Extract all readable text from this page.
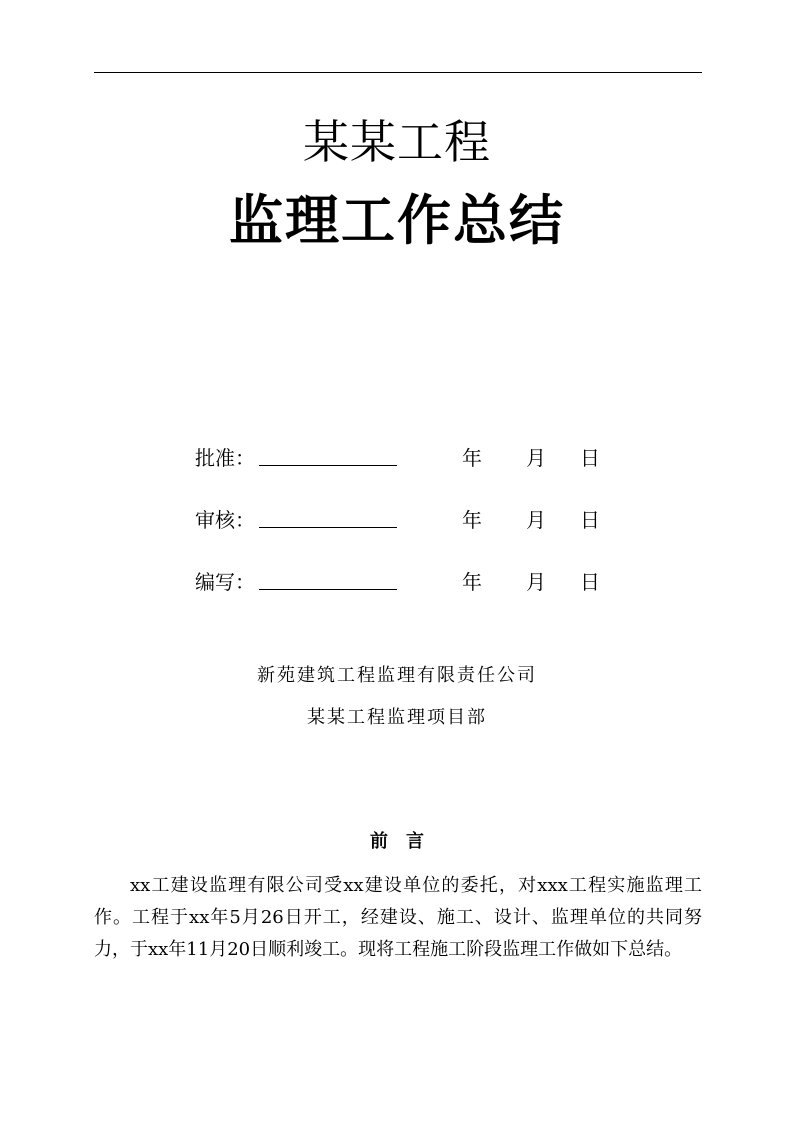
某某工程
监理工作总结
批准：	年 月 日
审核：	年 月 日
编写：	年 月 日
新苑建筑工程监理有限责任公司
某某工程监理项目部
前言
xx工建设监理有限公司受xx建设单位的委托，对xxx工程实施监理工作。工程于xx年5月26日开工，经建设、施工、设计、监理单位的共同努力，于xx年11月20日顺利竣工。现将工程施工阶段监理工作做如下总结。
